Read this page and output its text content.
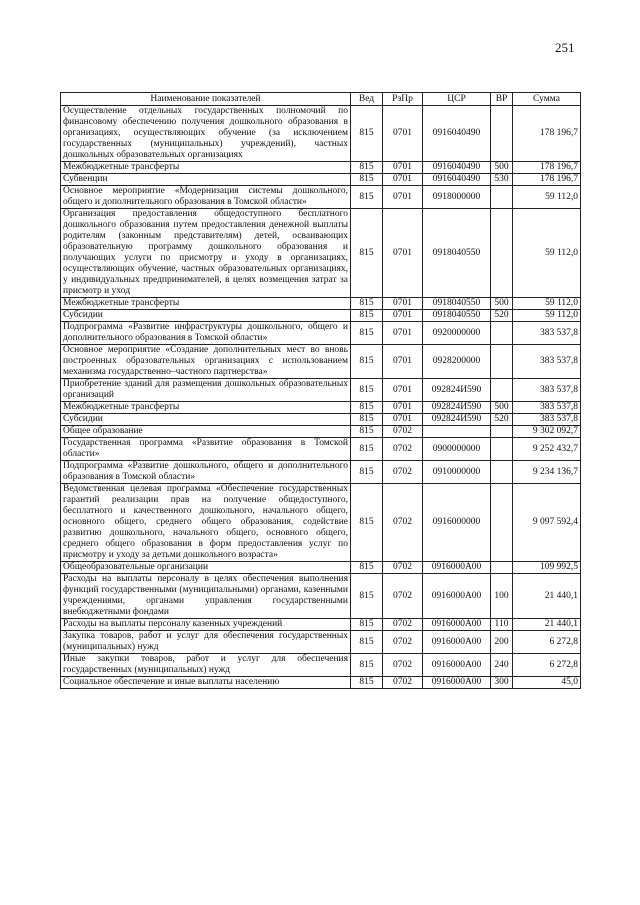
251
Наименование показателей	Вед	РзПр	ЦСР	ВР	Сумма
Осуществление отдельных государственных полномочий по финансовому обеспечению получения дошкольного образования в организациях, осуществляющих обучение (за исключением государственных (муниципальных) учреждений), частных дошкольных образовательных организациях	815	0701	0916040490		178 196,7
Межбюджетные трансферты	815	0701	0916040490	500	178 196,7
Субвенции	815	0701	0916040490	530	178 196,7
Основное мероприятие «Модернизация системы дошкольного, общего и дополнительного образования в Томской области»	815	0701	0918000000		59 112,0
Организация предоставления общедоступного бесплатного дошкольного образования путем предоставления денежной выплаты родителям (законным представителям) детей, осваивающих образовательную программу дошкольного образования и получающих услуги по присмотру и уходу в организациях, осуществляющих обучение, частных образовательных организациях, у индивидуальных предпринимателей, в целях возмещения затрат за присмотр и уход	815	0701	0918040550		59 112,0
Межбюджетные трансферты	815	0701	0918040550	500	59 112,0
Субсидии	815	0701	0918040550	520	59 112,0
Подпрограмма «Развитие инфраструктуры дошкольного, общего и дополнительного образования в Томской области»	815	0701	0920000000		383 537,8
Основное мероприятие «Создание дополнительных мест во вновь построенных образовательных организациях с использованием механизма государственно–частного партнерства»	815	0701	0928200000		383 537,8
Приобретение зданий для размещения дошкольных образовательных организаций	815	0701	092824И590		383 537,8
Межбюджетные трансферты	815	0701	092824И590	500	383 537,8
Субсидии	815	0701	092824И590	520	383 537,8
Общее образование	815	0702			9 302 092,7
Государственная программа «Развитие образования в Томской области»	815	0702	0900000000		9 252 432,7
Подпрограмма «Развитие дошкольного, общего и дополнительного образования в Томской области»	815	0702	0910000000		9 234 136,7
Ведомственная целевая программа «Обеспечение государственных гарантий реализации прав на получение общедоступного, бесплатного и качественного дошкольного, начального общего, основного общего, среднего общего образования, содействие развитию дошкольного, начального общего, основного общего, среднего общего образования в форм предоставления услуг по присмотру и уходу за детьми дошкольного возраста»	815	0702	0916000000		9 097 592,4
Общеобразовательные организации	815	0702	0916000A00		109 992,5
Расходы на выплаты персоналу в целях обеспечения выполнения функций государственными (муниципальными) органами, казенными учреждениями, органами управления государственными внебюджетными фондами	815	0702	0916000A00	100	21 440,1
Расходы на выплаты персоналу казенных учреждений	815	0702	0916000A00	110	21 440,1
Закупка товаров, работ и услуг для обеспечения государственных (муниципальных) нужд	815	0702	0916000A00	200	6 272,8
Иные закупки товаров, работ и услуг для обеспечения государственных (муниципальных) нужд	815	0702	0916000A00	240	6 272,8
Социальное обеспечение и иные выплаты населению	815	0702	0916000A00	300	45,0
